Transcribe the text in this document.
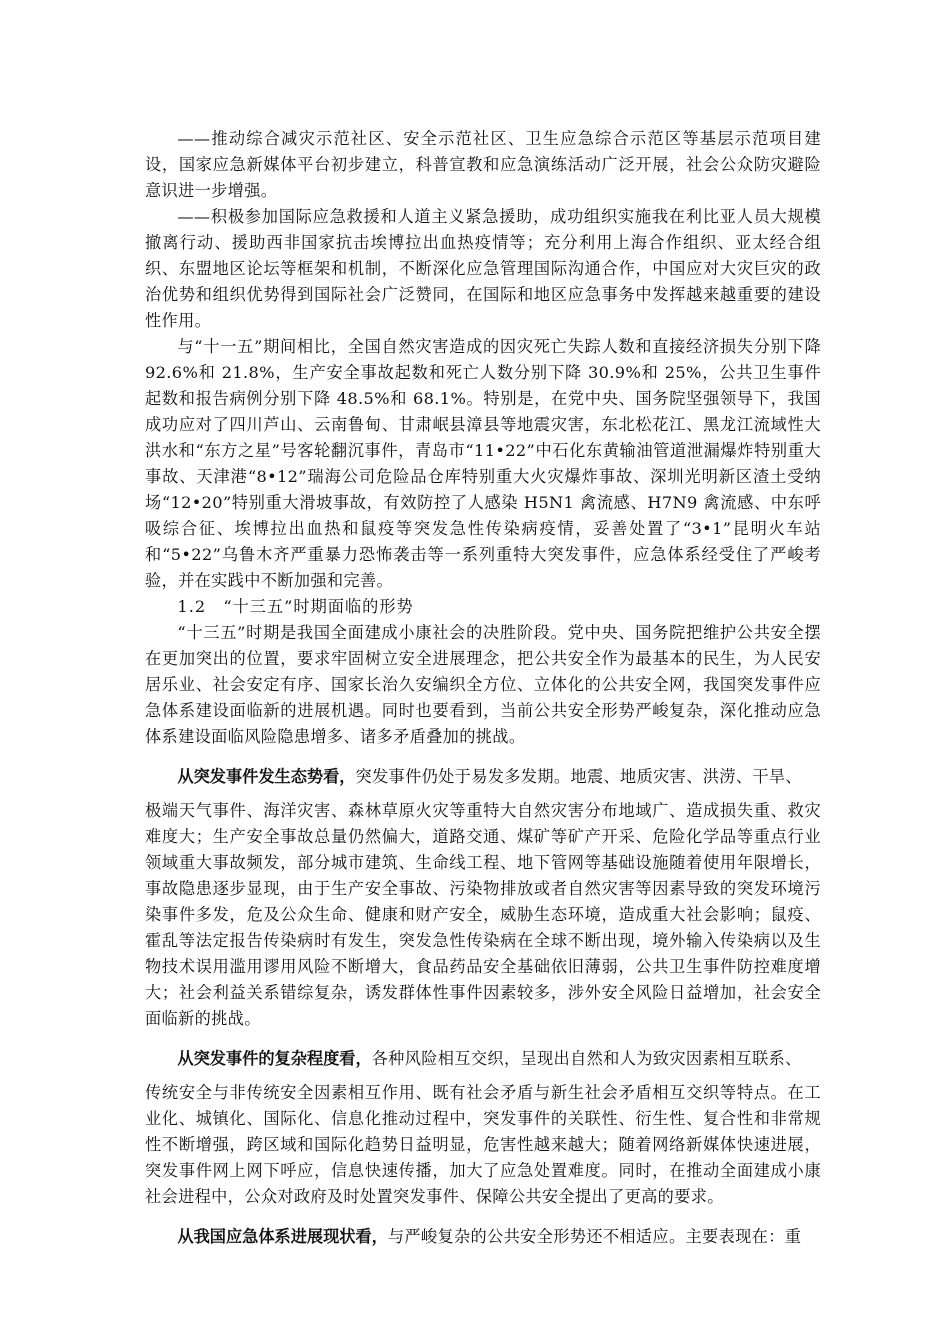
——推动综合减灾示范社区、安全示范社区、卫生应急综合示范区等基层示范项目建设，国家应急新媒体平台初步建立，科普宣教和应急演练活动广泛开展，社会公众防灾避险意识进一步增强。

——积极参加国际应急救援和人道主义紧急援助，成功组织实施我在利比亚人员大规模撤离行动、援助西非国家抗击埃博拉出血热疫情等；充分利用上海合作组织、亚太经合组织、东盟地区论坛等框架和机制，不断深化应急管理国际沟通合作，中国应对大灾巨灾的政治优势和组织优势得到国际社会广泛赞同，在国际和地区应急事务中发挥越来越重要的建设性作用。

与“十一五”期间相比，全国自然灾害造成的因灾死亡失踪人数和直接经济损失分别下降 92.6%和 21.8%，生产安全事故起数和死亡人数分别下降 30.9%和 25%，公共卫生事件起数和报告病例分别下降 48.5%和 68.1%。特别是，在党中央、国务院坚强领导下，我国成功应对了四川芦山、云南鲁甸、甘肃岷县漳县等地震灾害，东北松花江、黑龙江流域性大洪水和“东方之星”号客轮翻沉事件，青岛市“11•22”中石化东黄输油管道泄漏爆炸特别重大事故、天津港“8•12”瑞海公司危险品仓库特别重大火灾爆炸事故、深圳光明新区渣土受纳场“12•20”特别重大滑坡事故，有效防控了人感染 H5N1 禽流感、H7N9 禽流感、中东呼吸综合征、埃博拉出血热和鼠疫等突发急性传染病疫情，妥善处置了“3•1”昆明火车站和“5•22”乌鲁木齐严重暴力恐怖袭击等一系列重特大突发事件，应急体系经受住了严峻考验，并在实践中不断加强和完善。

1.2　“十三五”时期面临的形势

“十三五”时期是我国全面建成小康社会的决胜阶段。党中央、国务院把维护公共安全摆在更加突出的位置，要求牢固树立安全进展理念，把公共安全作为最基本的民生，为人民安居乐业、社会安定有序、国家长治久安编织全方位、立体化的公共安全网，我国突发事件应急体系建设面临新的进展机遇。同时也要看到，当前公共安全形势严峻复杂，深化推动应急体系建设面临风险隐患增多、诸多矛盾叠加的挑战。

从突发事件发生态势看，突发事件仍处于易发多发期。地震、地质灾害、洪涝、干旱、

极端天气事件、海洋灾害、森林草原火灾等重特大自然灾害分布地域广、造成损失重、救灾难度大；生产安全事故总量仍然偏大，道路交通、煤矿等矿产开采、危险化学品等重点行业领域重大事故频发，部分城市建筑、生命线工程、地下管网等基础设施随着使用年限增长，事故隐患逐步显现，由于生产安全事故、污染物排放或者自然灾害等因素导致的突发环境污染事件多发，危及公众生命、健康和财产安全，威胁生态环境，造成重大社会影响；鼠疫、霍乱等法定报告传染病时有发生，突发急性传染病在全球不断出现，境外输入传染病以及生物技术误用滥用谬用风险不断增大，食品药品安全基础依旧薄弱，公共卫生事件防控难度增大；社会利益关系错综复杂，诱发群体性事件因素较多，涉外安全风险日益增加，社会安全面临新的挑战。

从突发事件的复杂程度看，各种风险相互交织，呈现出自然和人为致灾因素相互联系、

传统安全与非传统安全因素相互作用、既有社会矛盾与新生社会矛盾相互交织等特点。在工业化、城镇化、国际化、信息化推动过程中，突发事件的关联性、衍生性、复合性和非常规性不断增强，跨区域和国际化趋势日益明显，危害性越来越大；随着网络新媒体快速进展，突发事件网上网下呼应，信息快速传播，加大了应急处置难度。同时，在推动全面建成小康社会进程中，公众对政府及时处置突发事件、保障公共安全提出了更高的要求。

从我国应急体系进展现状看，与严峻复杂的公共安全形势还不相适应。主要表现在：重
